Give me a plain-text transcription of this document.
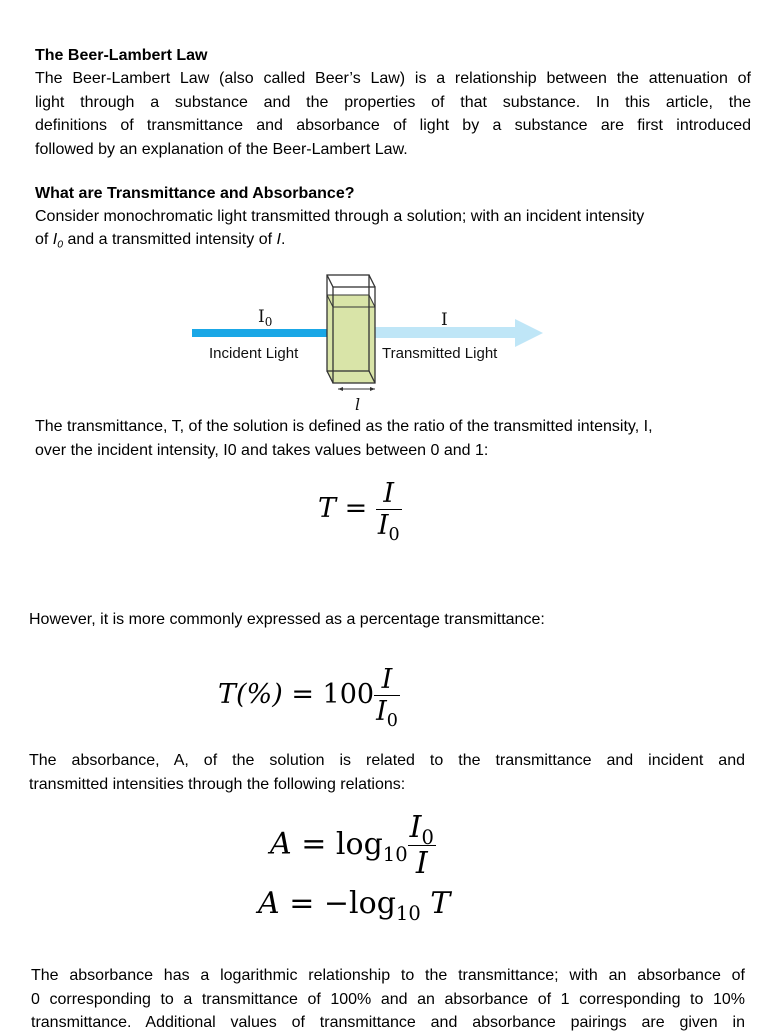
The Beer-Lambert Law
The Beer-Lambert Law (also called Beer’s Law) is a relationship between the attenuation of
light through a substance and the properties of that substance. In this article, the
definitions of transmittance and absorbance of light by a substance are first introduced
followed by an explanation of the Beer-Lambert Law.
What are Transmittance and Absorbance?
Consider monochromatic light transmitted through a solution; with an incident intensity
of $I_0$ and a transmitted intensity of I.
$I_0$	I
Incident Light	Transmitted Light
l
The transmittance, T, of the solution is defined as the ratio of the transmitted intensity, I,
over the incident intensity, I0 and takes values between 0 and 1:
$T = \frac{I}{I_0}$
However, it is more commonly expressed as a percentage transmittance:
$T(\%) = 100 \frac{I}{I_0}$
The absorbance, A, of the solution is related to the transmittance and incident and
transmitted intensities through the following relations:
$A = \log_{10} \frac{I_0}{I}$
$A = -\log_{10}$ T
The absorbance has a logarithmic relationship to the transmittance; with an absorbance of
0 corresponding to a transmittance of 100% and an absorbance of 1 corresponding to 10%
transmittance. Additional values of transmittance and absorbance pairings are given in
